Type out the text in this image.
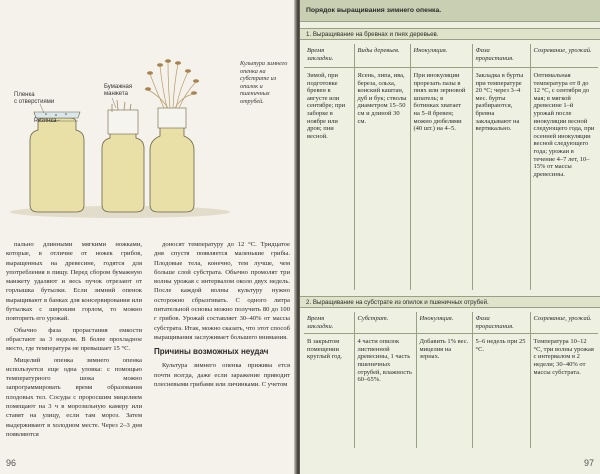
Пленка
с отверстиями
Резинка
Бумажная
манжета
Культура зимнего опенка на субстрате из опилок и пшеничных отрубей.

пально длинными мягкими ножками, которые, в отличие от ножек грибов, выращенных на древесине, годятся для употребления в пищу. Перед сбором бумажную манжету удаляют и весь пучок отрезают от горлышка бутылки. Если зимний опенок выращивают в банках для консервирования или бутылках с широким горлом, то можно повторить его урожай.

Обычно фаза прорастания емкости обрастают за 3 недели. В более прохладное место, где температура не превышает 15 °C.

Мицелий опенка зимнего опенка используется еще одна уловка: с помощью температурного шока можно запрограммировать время образования плодовых тел. Сосуды с проросшим мицелием помещают на 3 ч в морозильную камеру или ставят на улицу, если там мороз. Затем выдерживают в холодном месте. Через 2–3 дня появляются

доносят температуру до 12 °C. Тридцатое дня спустя появляется маленькие грибы. Плодовые тела, конечно, тем лучше, чем больше слой субстрата. Обычно промолят три волны урожая с интервалом около двух недель. После каждой волны культуру нужно осторожно сбрызгивать. С одного литра питательной основы можно получить 80 до 100 г грибов. Урожай составляет 30–40% от массы субстрата. Итак, можно сказать, что этот способ выращивания заслуживает большего внимания.

Причины возможных неудач

Культура зимнего опенка прижива ется почти всегда, даже если заражение приводит плесневыми грибами или личинками. С учетом

96
Порядок выращивания зимнего опенка.
1. Выращивание на бревнах и пнях деревьев.
Время закладки.	Виды деревьев.	Инокуляция.	Фаза прорастания.	Созревание, урожай.
Зимой, при подготовке бревен в августе или сентябре; при заборке в ноябре или дров; пни весной.	Ясень, липа, ива, береза, ольха, конский каштан, дуб и бук; стволы диаметром 15–50 см и длиной 30 см.	При инокуляции прорезать пазы в пнях или зерновой шпатель; в ботинках хватает на 5–8 бревен; можно дюбелями (40 шт.) на 4–5.	Закладка в бурты при температуре 20 °C; через 3–4 мес. бурты разбираются, бревна закладывают на вертикально.	Оптимальная температура от 8 до 12 °C, с сентября до мая; в мягкой древесине 1–й урожай после инокуляции весной следующего года, при осенней инокуляции весной следующего года; урожаи в течение 4–7 лет, 10–15% от массы древесины.
2. Выращивание на субстрате из опилок и пшеничных отрубей.
Время закладки.	Субстрат.	Инокуляция.	Фаза прорастания.	Созревание, урожай.
В закрытом помещении круглый год.	4 части опилок лиственной древесины, 1 часть пшеничных отрубей, влажность 60–65%.	Добавить 1% вес. мицелия на зернах.	5–6 недель при 25 °C.	Температура 10–12 °C, три волны урожая с интервалом в 2 недели; 30–40% от массы субстрата.
97
